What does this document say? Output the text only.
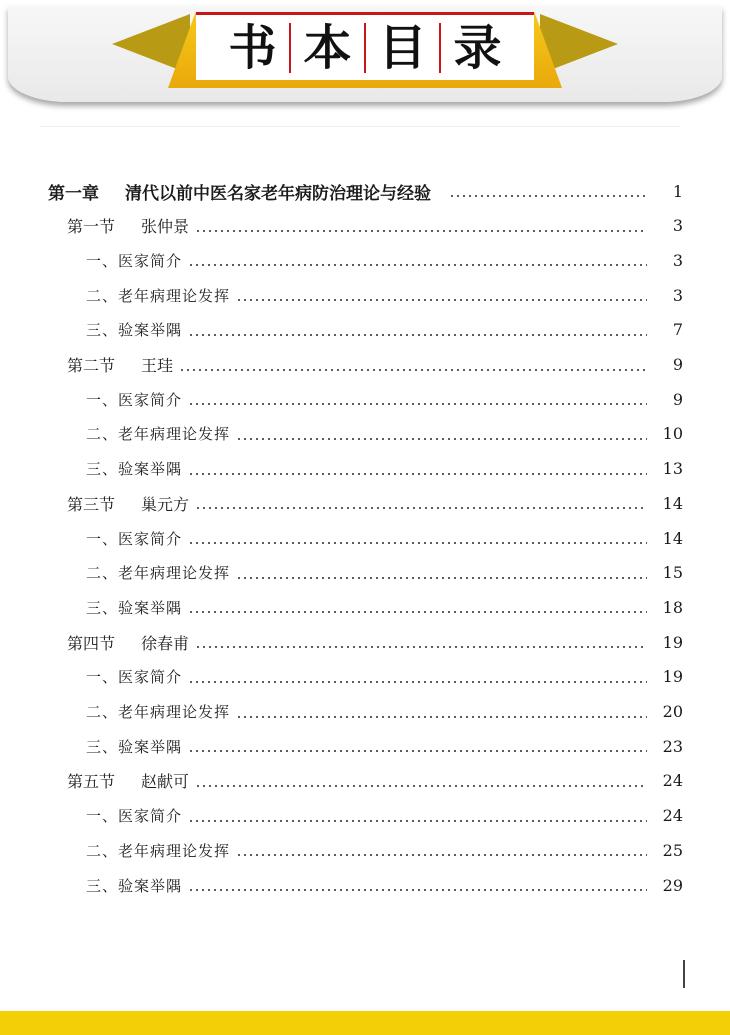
书 本 目 录
第一章 清代以前中医名家老年病防治理论与经验	1
第一节 张仲景	3
一、医家简介	3
二、老年病理论发挥	3
三、验案举隅	7
第二节 王珪	9
一、医家简介	9
二、老年病理论发挥	10
三、验案举隅	13
第三节 巢元方	14
一、医家简介	14
二、老年病理论发挥	15
三、验案举隅	18
第四节 徐春甫	19
一、医家简介	19
二、老年病理论发挥	20
三、验案举隅	23
第五节 赵献可	24
一、医家简介	24
二、老年病理论发挥	25
三、验案举隅	29
